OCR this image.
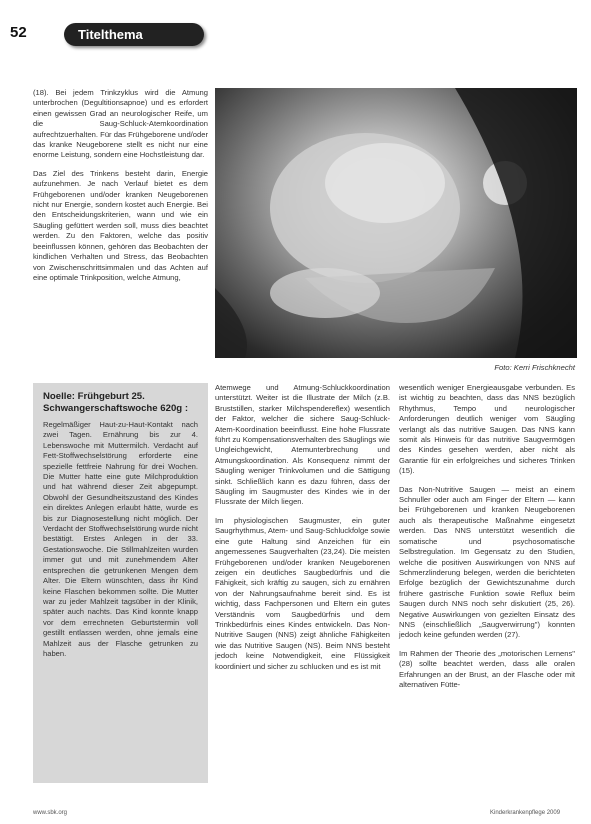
52	Titelthema

(18). Bei jedem Trinkzyklus wird die Atmung unterbrochen (Degultitionsapnoe) und es erfordert einen gewissen Grad an neurologischer Reife, um die Saug-Schluck-Atemkoordination aufrechtzuerhalten. Für das Frühgeborene und/oder das kranke Neugeborene stellt es nicht nur eine enorme Leistung, sondern eine Hochstleistung dar.

Das Ziel des Trinkens besteht darin, Energie aufzunehmen. Je nach Verlauf bietet es dem Frühgeborenen und/oder kranken Neugeborenen nicht nur Energie, sondern kostet auch Energie. Bei den Entscheidungskriterien, wann und wie ein Säugling gefüttert werden soll, muss dies beachtet werden. Zu den Faktoren, welche das positiv beeinflussen können, gehören das Beobachten der kindlichen Verhalten und Stress, das Beobachten von Zwischenschrittsimmalen und das Achten auf eine optimale Trinkposition, welche Atmung,

Foto: Kerri Frischknecht
Noelle: Frühgeburt 25. Schwangerschaftswoche 620g :
Regelmäßiger Haut-zu-Haut-Kontakt nach zwei Tagen. Ernährung bis zur 4. Lebenswoche mit Muttermilch. Verdacht auf Fett-Stoffwechselstörung erforderte eine spezielle fettfreie Nahrung für drei Wochen. Die Mutter hatte eine gute Milchproduktion und hat während dieser Zeit abgepumpt. Obwohl der Gesundheitszustand des Kindes ein direktes Anlegen erlaubt hätte, wurde es bis zur Diagnosestellung nicht möglich. Der Verdacht der Stoffwechselstörung wurde nicht bestätigt. Erstes Anlegen in der 33. Gestationswoche. Die Stillmahlzeiten wurden immer gut und mit zunehmendem Alter entsprechen die getrunkenen Mengen dem Alter. Die Eltern wünschten, dass ihr Kind keine Flaschen bekommen sollte. Die Mutter war zu jeder Mahlzeit tagsüber in der Klinik, später auch nachts. Das Kind konnte knapp vor dem errechneten Geburtstermin voll gestillt entlassen werden, ohne jemals eine Mahlzeit aus der Flasche getrunken zu haben.

Atemwege und Atmung-Schluckkoordination unterstützt. Weiter ist die Illustrate der Milch (z.B. Bruststillen, starker Milchspendereflex) wesentlich der Faktor, welcher die sichere Saug-Schluck-Atem-Koordination beeinflusst. Eine hohe Flussrate führt zu Kompensationsverhalten des Säuglings wie Ungleichgewicht, Atemunterbrechung und Atmungskoordination. Als Konsequenz nimmt der Säugling weniger Trinkvolumen und die Sättigung sinkt. Schließlich kann es dazu führen, dass der Säugling im Saugmuster des Kindes wie in der Flussrate der Milch liegen.

Im physiologischen Saugmuster, ein guter Saugrhythmus, Atem- und Saug-Schluckfolge sowie eine gute Haltung sind Anzeichen für ein angemessenes Saugverhalten (23,24). Die meisten Frühgeborenen und/oder kranken Neugeborenen zeigen ein deutliches Saugbedürfnis und die Fähigkeit, sich kräftig zu saugen, sich zu ernähren von der Nahrungsaufnahme bereit sind. Es ist wichtig, dass Fachpersonen und Eltern ein gutes Verständnis vom Saugbedürfnis und dem Trinkbedürfnis eines Kindes entwickeln. Das Non-Nutritive Saugen (NNS) zeigt ähnliche Fähigkeiten wie das Nutritive Saugen (NS). Beim NNS besteht jedoch keine Notwendigkeit, eine Flüssigkeit koordiniert und sicher zu schlucken und es ist mit

wesentlich weniger Energieausgabe verbunden. Es ist wichtig zu beachten, dass das NNS bezüglich Rhythmus, Tempo und neurologischer Anforderungen deutlich weniger vom Säugling verlangt als das nutritive Saugen. Das NNS kann somit als Hinweis für das nutritive Saugvermögen des Kindes gesehen werden, aber nicht als Garantie für ein erfolgreiches und sicheres Trinken (15).

Das Non-Nutritive Saugen — meist an einem Schnuller oder auch am Finger der Eltern — kann bei Frühgeborenen und kranken Neugeborenen auch als therapeutische Maßnahme eingesetzt werden. Das NNS unterstützt wesentlich die somatische und psychosomatische Selbstregulation. Im Gegensatz zu den Studien, welche die positiven Auswirkungen von NNS auf Schmerzlinderung belegen, werden die berichteten Erfolge bezüglich der Gewichtszunahme durch frühere gastrische Funktion sowie Reflux beim Saugen durch NNS noch sehr diskutiert (25, 26). Negative Auswirkungen von gezielten Einsatz des NNS (einschließlich „Saugverwirrung") konnten jedoch keine gefunden werden (27).

Im Rahmen der Theorie des „motorischen Lernens" (28) sollte beachtet werden, dass alle oralen Erfahrungen an der Brust, an der Flasche oder mit alternativen Fütte-

www.sbk.org	Kinderkrankenpflege 2009
